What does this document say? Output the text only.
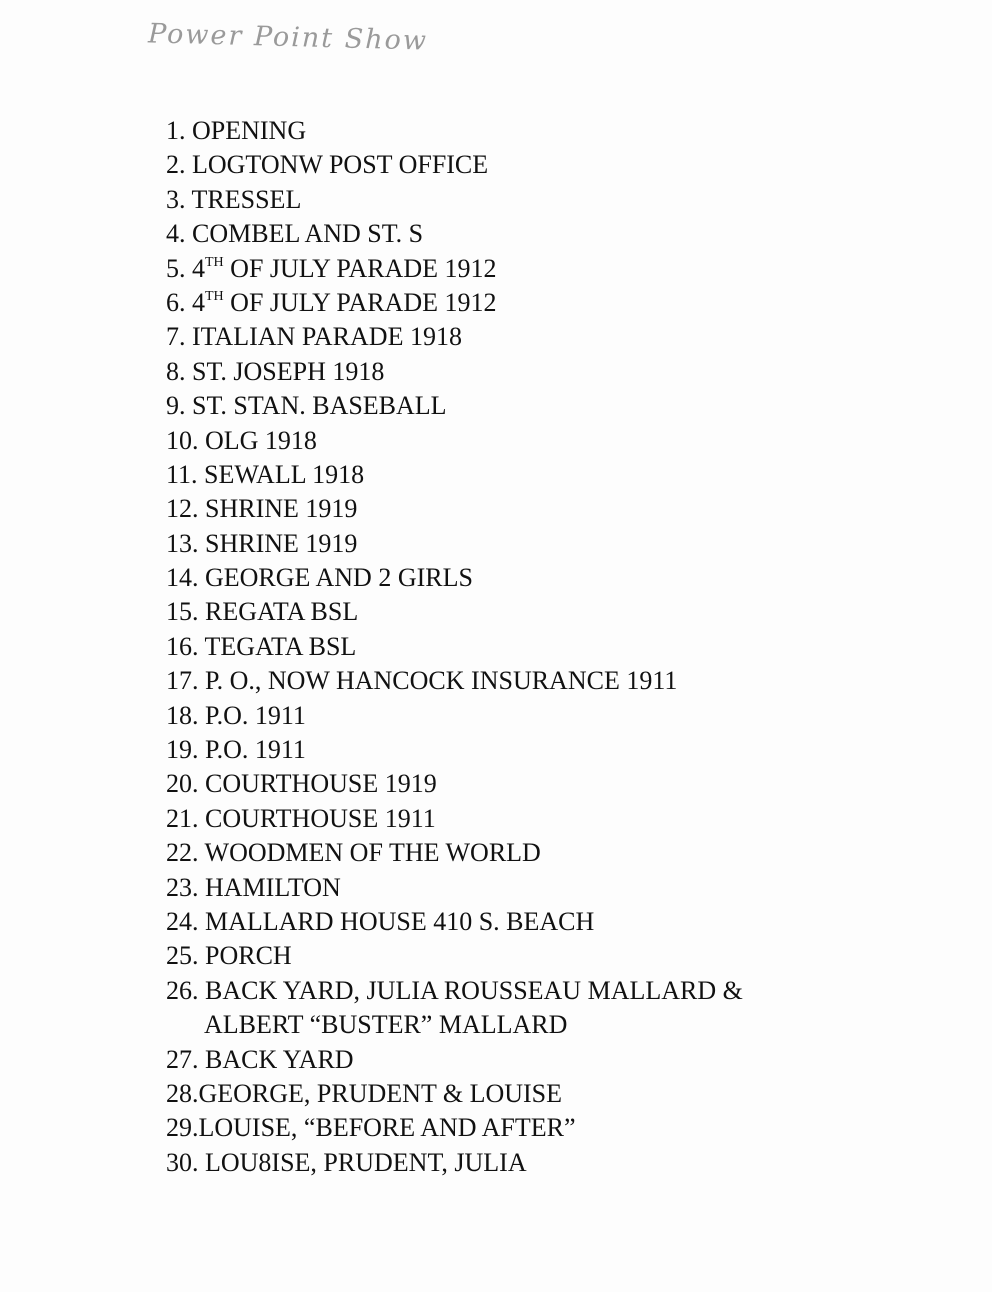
Power Point Show
1. OPENING
2. LOGTONW POST OFFICE
3. TRESSEL
4. COMBEL AND ST. S
5. 4TH OF JULY PARADE 1912
6. 4TH OF JULY PARADE 1912
7. ITALIAN PARADE 1918
8. ST. JOSEPH 1918
9. ST. STAN. BASEBALL
10. OLG 1918
11. SEWALL 1918
12. SHRINE 1919
13. SHRINE 1919
14. GEORGE AND 2 GIRLS
15. REGATA BSL
16. TEGATA BSL
17. P. O., NOW HANCOCK INSURANCE 1911
18. P.O. 1911
19. P.O. 1911
20. COURTHOUSE 1919
21. COURTHOUSE 1911
22. WOODMEN OF THE WORLD
23. HAMILTON
24. MALLARD HOUSE 410 S. BEACH
25. PORCH
26. BACK YARD, JULIA ROUSSEAU MALLARD &
ALBERT “BUSTER” MALLARD
27. BACK YARD
28.GEORGE, PRUDENT & LOUISE
29.LOUISE, “BEFORE AND AFTER”
30. LOU8ISE, PRUDENT, JULIA
